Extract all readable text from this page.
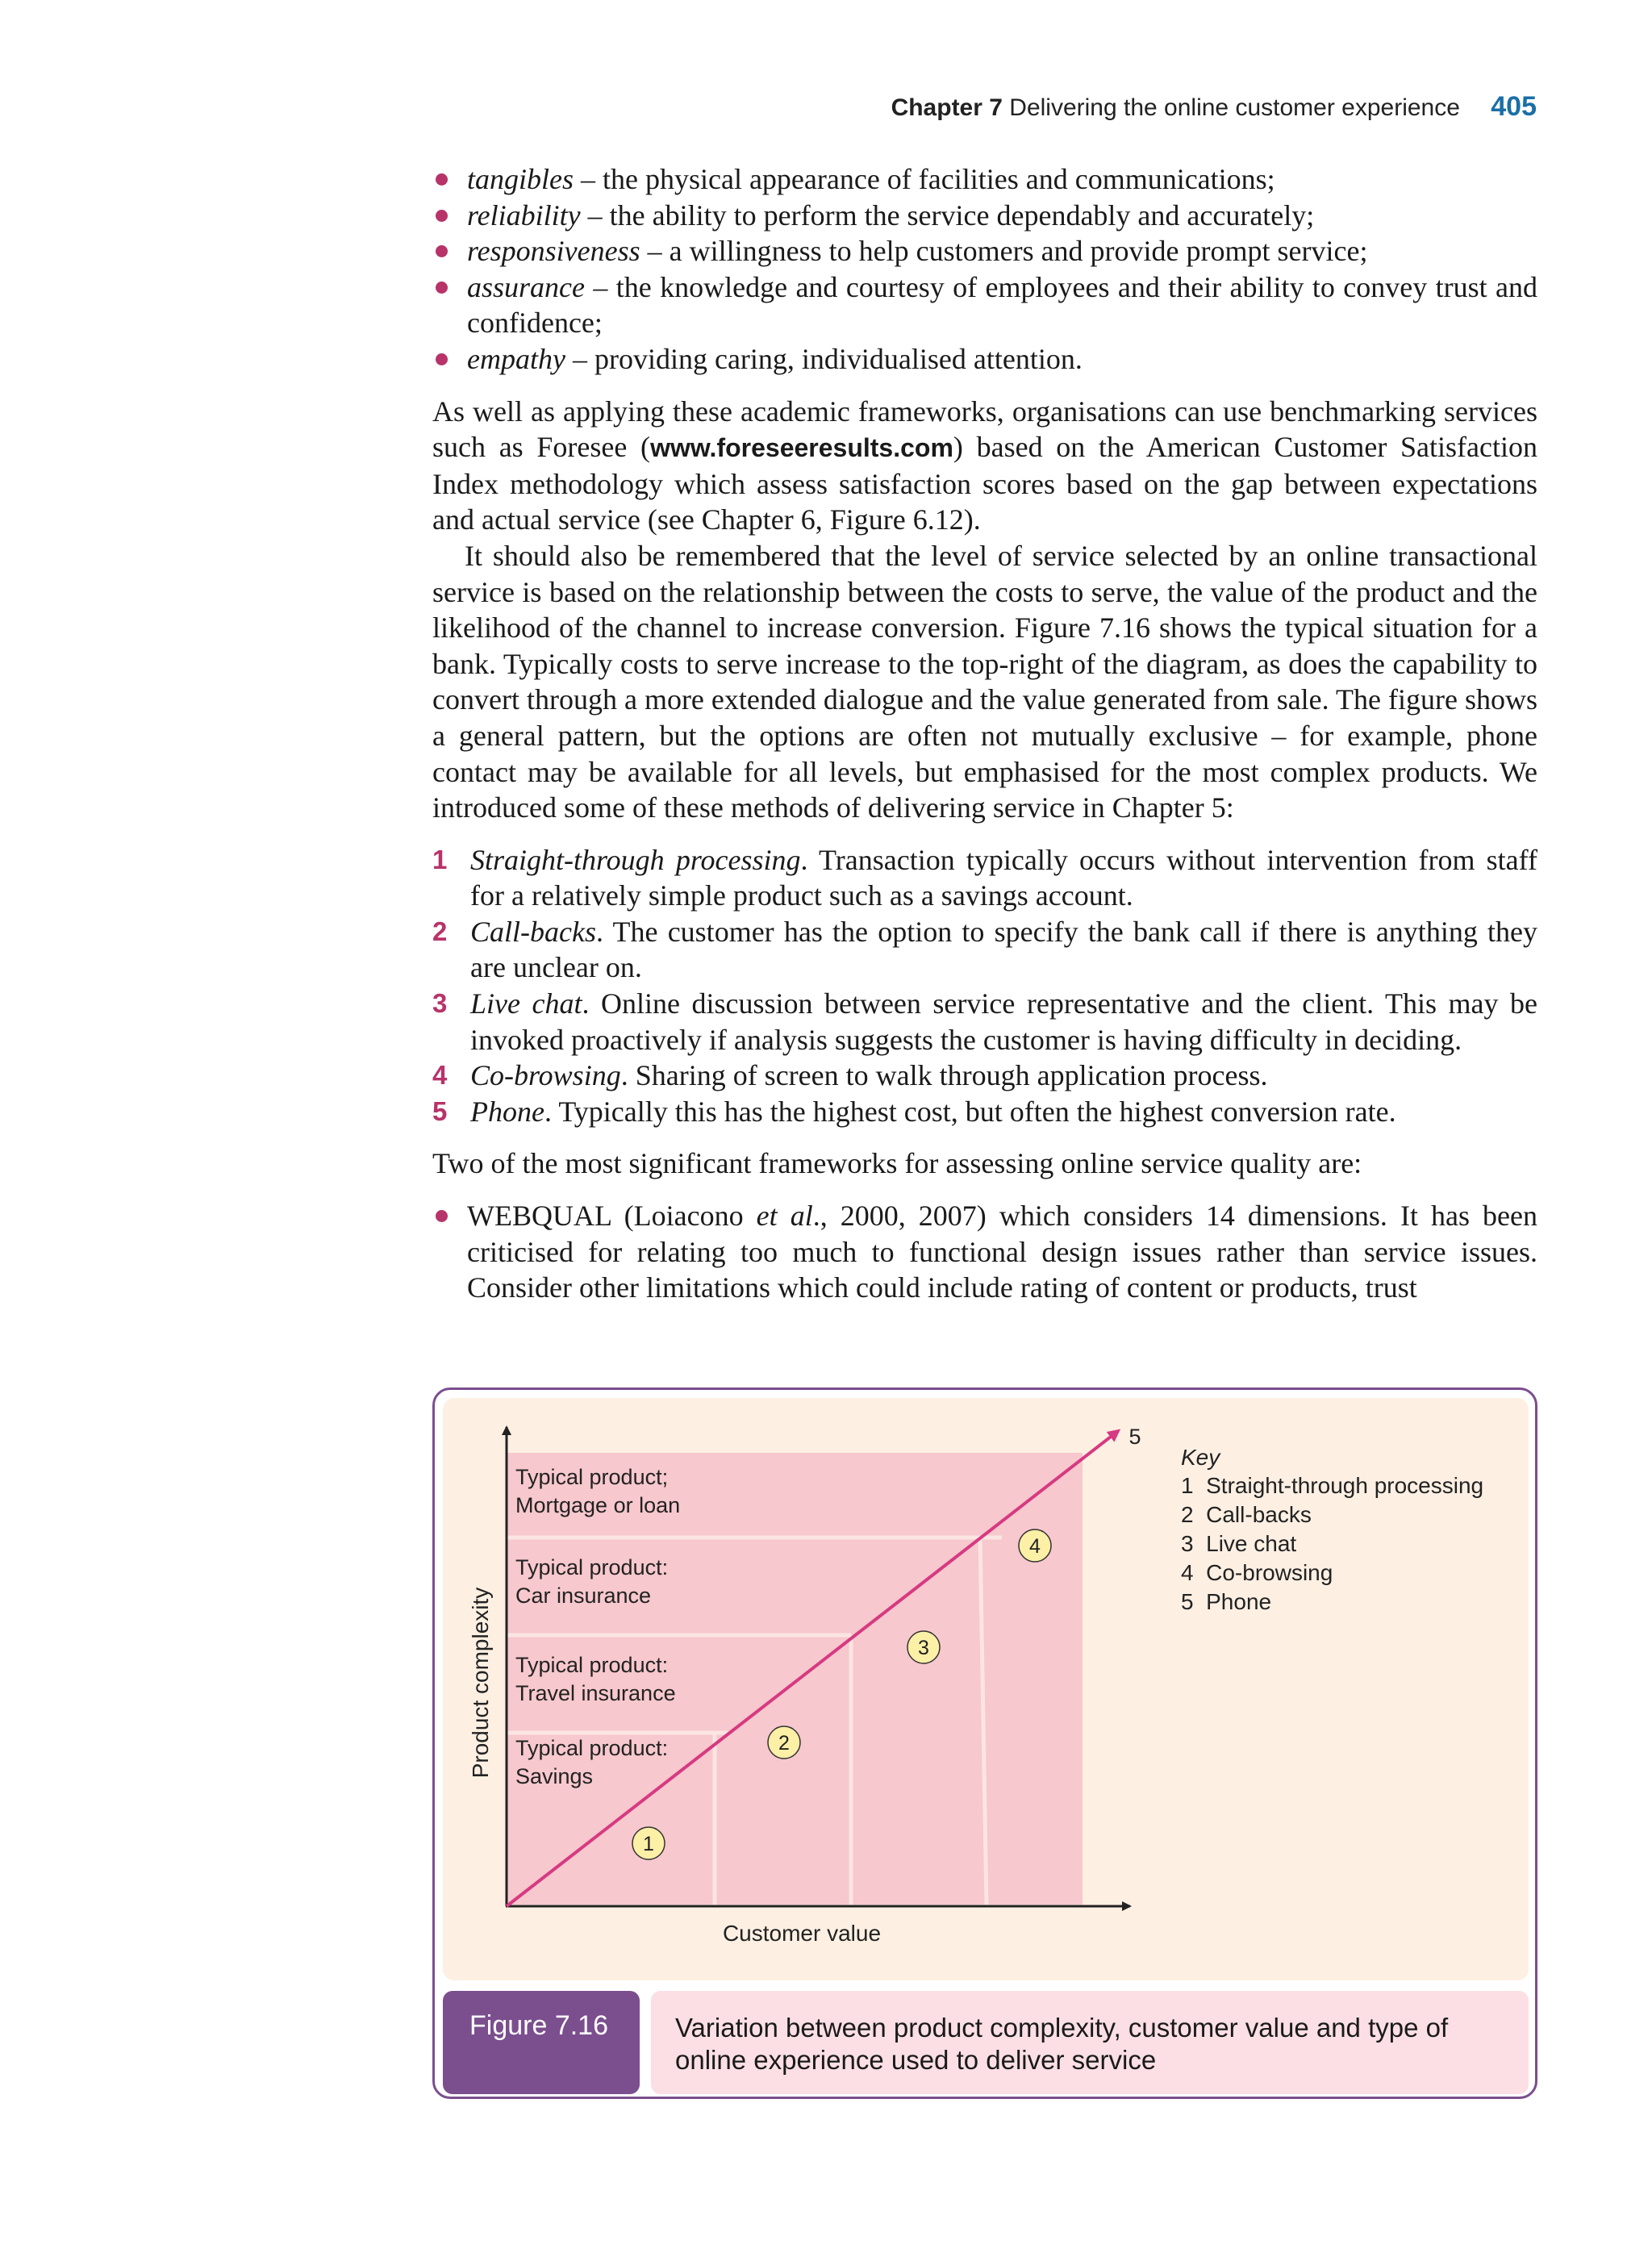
Chapter 7 Delivering the online customer experience 405
tangibles – the physical appearance of facilities and communications;
reliability – the ability to perform the service dependably and accurately;
responsiveness – a willingness to help customers and provide prompt service;
assurance – the knowledge and courtesy of employees and their ability to convey trust and confidence;
empathy – providing caring, individualised attention.

As well as applying these academic frameworks, organisations can use benchmarking services such as Foresee (www.foreseeresults.com) based on the American Customer Satisfaction Index methodology which assess satisfaction scores based on the gap between expectations and actual service (see Chapter 6, Figure 6.12).

It should also be remembered that the level of service selected by an online transactional service is based on the relationship between the costs to serve, the value of the product and the likelihood of the channel to increase conversion. Figure 7.16 shows the typical situation for a bank. Typically costs to serve increase to the top-right of the diagram, as does the capability to convert through a more extended dialogue and the value generated from sale. The figure shows a general pattern, but the options are often not mutually exclusive – for example, phone contact may be available for all levels, but emphasised for the most complex products. We introduced some of these methods of delivering service in Chapter 5:

1 Straight-through processing. Transaction typically occurs without intervention from staff for a relatively simple product such as a savings account.
2 Call-backs. The customer has the option to specify the bank call if there is anything they are unclear on.
3 Live chat. Online discussion between service representative and the client. This may be invoked proactively if analysis suggests the customer is having difficulty in deciding.
4 Co-browsing. Sharing of screen to walk through application process.
5 Phone. Typically this has the highest cost, but often the highest conversion rate.

Two of the most significant frameworks for assessing online service quality are:

WEBQUAL (Loiacono et al., 2000, 2007) which considers 14 dimensions. It has been criticised for relating too much to functional design issues rather than service issues. Consider other limitations which could include rating of content or products, trust
Typical product;
Mortgage or loan
Typical product:
Car insurance
Typical product:
Travel insurance
Typical product:
Savings
1
2
3
4
5
Product complexity
Customer value
Key
1  Straight-through processing
2  Call-backs
3  Live chat
4  Co-browsing
5  Phone
Figure 7.16	Variation between product complexity, customer value and type of online experience used to deliver service
